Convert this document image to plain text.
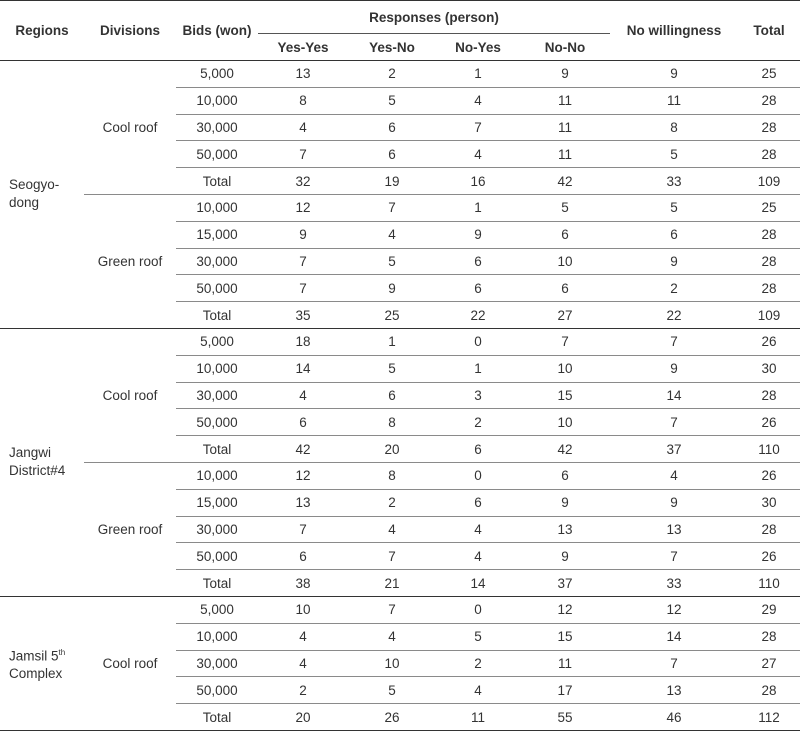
Regions	Divisions	Bids (won)	Responses (person)				No willingness	Total
			Yes-Yes	Yes-No	No-Yes	No-No		
Seogyo-
dong	Cool roof	5,000	13	2	1	9	9	25
		10,000	8	5	4	11	11	28
		30,000	4	6	7	11	8	28
		50,000	7	6	4	11	5	28
		Total	32	19	16	42	33	109
	Green roof	10,000	12	7	1	5	5	25
		15,000	9	4	9	6	6	28
		30,000	7	5	6	10	9	28
		50,000	7	9	6	6	2	28
		Total	35	25	22	27	22	109
Jangwi
District#4	Cool roof	5,000	18	1	0	7	7	26
		10,000	14	5	1	10	9	30
		30,000	4	6	3	15	14	28
		50,000	6	8	2	10	7	26
		Total	42	20	6	42	37	110
	Green roof	10,000	12	8	0	6	4	26
		15,000	13	2	6	9	9	30
		30,000	7	4	4	13	13	28
		50,000	6	7	4	9	7	26
		Total	38	21	14	37	33	110
Jamsil 5th
Complex	Cool roof	5,000	10	7	0	12	12	29
		10,000	4	4	5	15	14	28
		30,000	4	10	2	11	7	27
		50,000	2	5	4	17	13	28
		Total	20	26	11	55	46	112
